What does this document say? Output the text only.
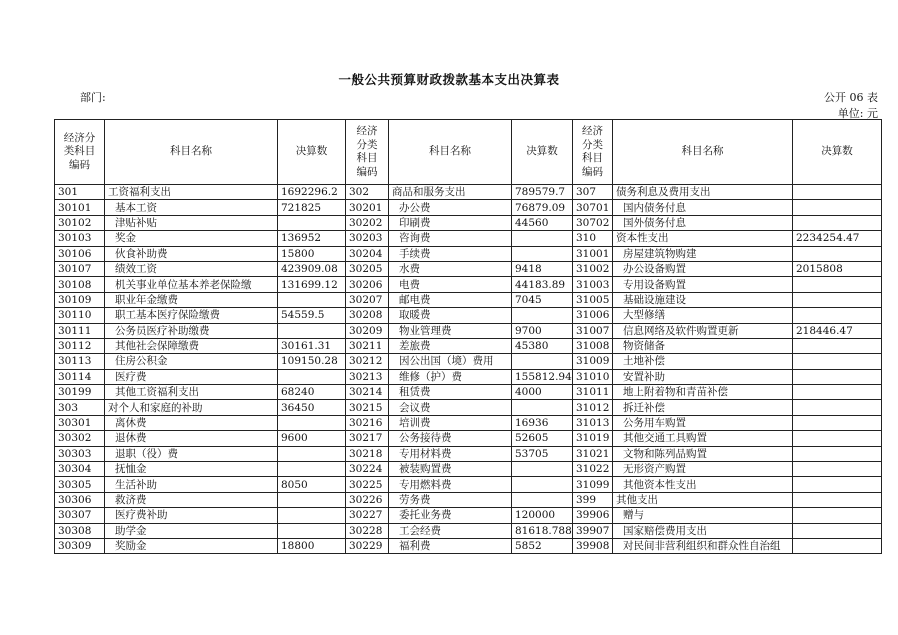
一般公共预算财政拨款基本支出决算表
部门:	公开 06 表
单位: 元
经济分类科目编码	科目名称	决算数	经济分类科目编码	科目名称	决算数	经济分类科目编码	科目名称	决算数
301	工资福利支出	1692296.2	302	商品和服务支出	789579.7	307	债务利息及费用支出	
30101	基本工资	721825	30201	办公费	76879.09	30701	国内债务付息	
30102	津贴补贴		30202	印刷费	44560	30702	国外债务付息	
30103	奖金	136952	30203	咨询费		310	资本性支出	2234254.47
30106	伙食补助费	15800	30204	手续费		31001	房屋建筑物购建	
30107	绩效工资	423909.08	30205	水费	9418	31002	办公设备购置	2015808
30108	机关事业单位基本养老保险缴	131699.12	30206	电费	44183.89	31003	专用设备购置	
30109	职业年金缴费		30207	邮电费	7045	31005	基础设施建设	
30110	职工基本医疗保险缴费	54559.5	30208	取暖费		31006	大型修缮	
30111	公务员医疗补助缴费		30209	物业管理费	9700	31007	信息网络及软件购置更新	218446.47
30112	其他社会保障缴费	30161.31	30211	差旅费	45380	31008	物资储备	
30113	住房公积金	109150.28	30212	因公出国（境）费用		31009	土地补偿	
30114	医疗费		30213	维修（护）费	155812.94	31010	安置补助	
30199	其他工资福利支出	68240	30214	租赁费	4000	31011	地上附着物和青苗补偿	
303	对个人和家庭的补助	36450	30215	会议费		31012	拆迁补偿	
30301	离休费		30216	培训费	16936	31013	公务用车购置	
30302	退休费	9600	30217	公务接待费	52605	31019	其他交通工具购置	
30303	退职（役）费		30218	专用材料费	53705	31021	文物和陈列品购置	
30304	抚恤金		30224	被装购置费		31022	无形资产购置	
30305	生活补助	8050	30225	专用燃料费		31099	其他资本性支出	
30306	救济费		30226	劳务费		399	其他支出	
30307	医疗费补助		30227	委托业务费	120000	39906	赠与	
30308	助学金		30228	工会经费	81618.788	39907	国家赔偿费用支出	
30309	奖励金	18800	30229	福利费	5852	39908	对民间非营利组织和群众性自治组	
